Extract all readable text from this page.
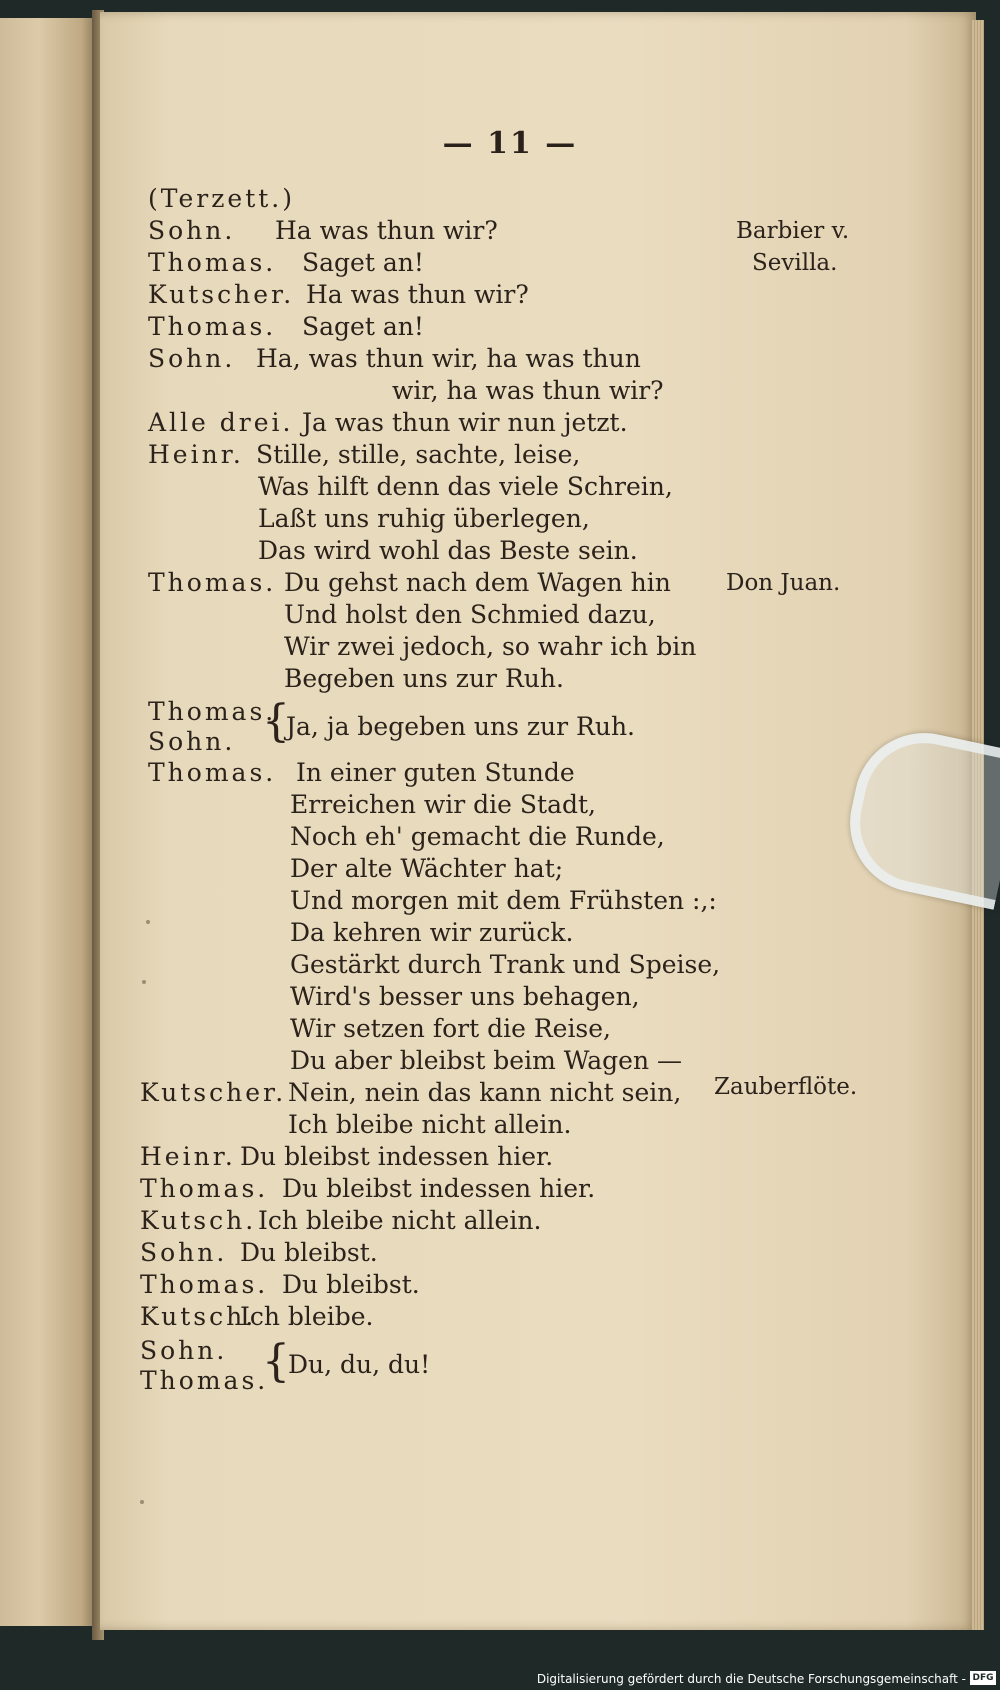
— 11 —
(Terzett.)
Sohn. Ha was thun wir?
Thomas. Saget an!
Kutscher. Ha was thun wir?
Thomas. Saget an!
Sohn. Ha, was thun wir, ha was thun
wir, ha was thun wir?
Alle drei. Ja was thun wir nun jetzt.
Heinr. Stille, stille, sachte, leise,
Was hilft denn das viele Schrein,
Laßt uns ruhig überlegen,
Das wird wohl das Beste sein.
Thomas. Du gehst nach dem Wagen hin
Und holst den Schmied dazu,
Wir zwei jedoch, so wahr ich bin
Begeben uns zur Ruh.
Thomas.
{
Sohn.
Ja, ja begeben uns zur Ruh.
Thomas. In einer guten Stunde
Erreichen wir die Stadt,
Noch eh' gemacht die Runde,
Der alte Wächter hat;
Und morgen mit dem Frühsten :,:
Da kehren wir zurück.
Gestärkt durch Trank und Speise,
Wird's besser uns behagen,
Wir setzen fort die Reise,
Du aber bleibst beim Wagen —
Kutscher. Nein, nein das kann nicht sein,
Ich bleibe nicht allein.
Heinr. Du bleibst indessen hier.
Thomas. Du bleibst indessen hier.
Kutsch. Ich bleibe nicht allein.
Sohn. Du bleibst.
Thomas. Du bleibst.
Kutsch.
Ich bleibe.
Sohn. {
Thomas.
Du, du, du!
Barbier v.
Sevilla.
Don Juan.
Zauberflöte.
Digitalisierung gefördert durch die Deutsche Forschungsgemeinschaft - DFG
